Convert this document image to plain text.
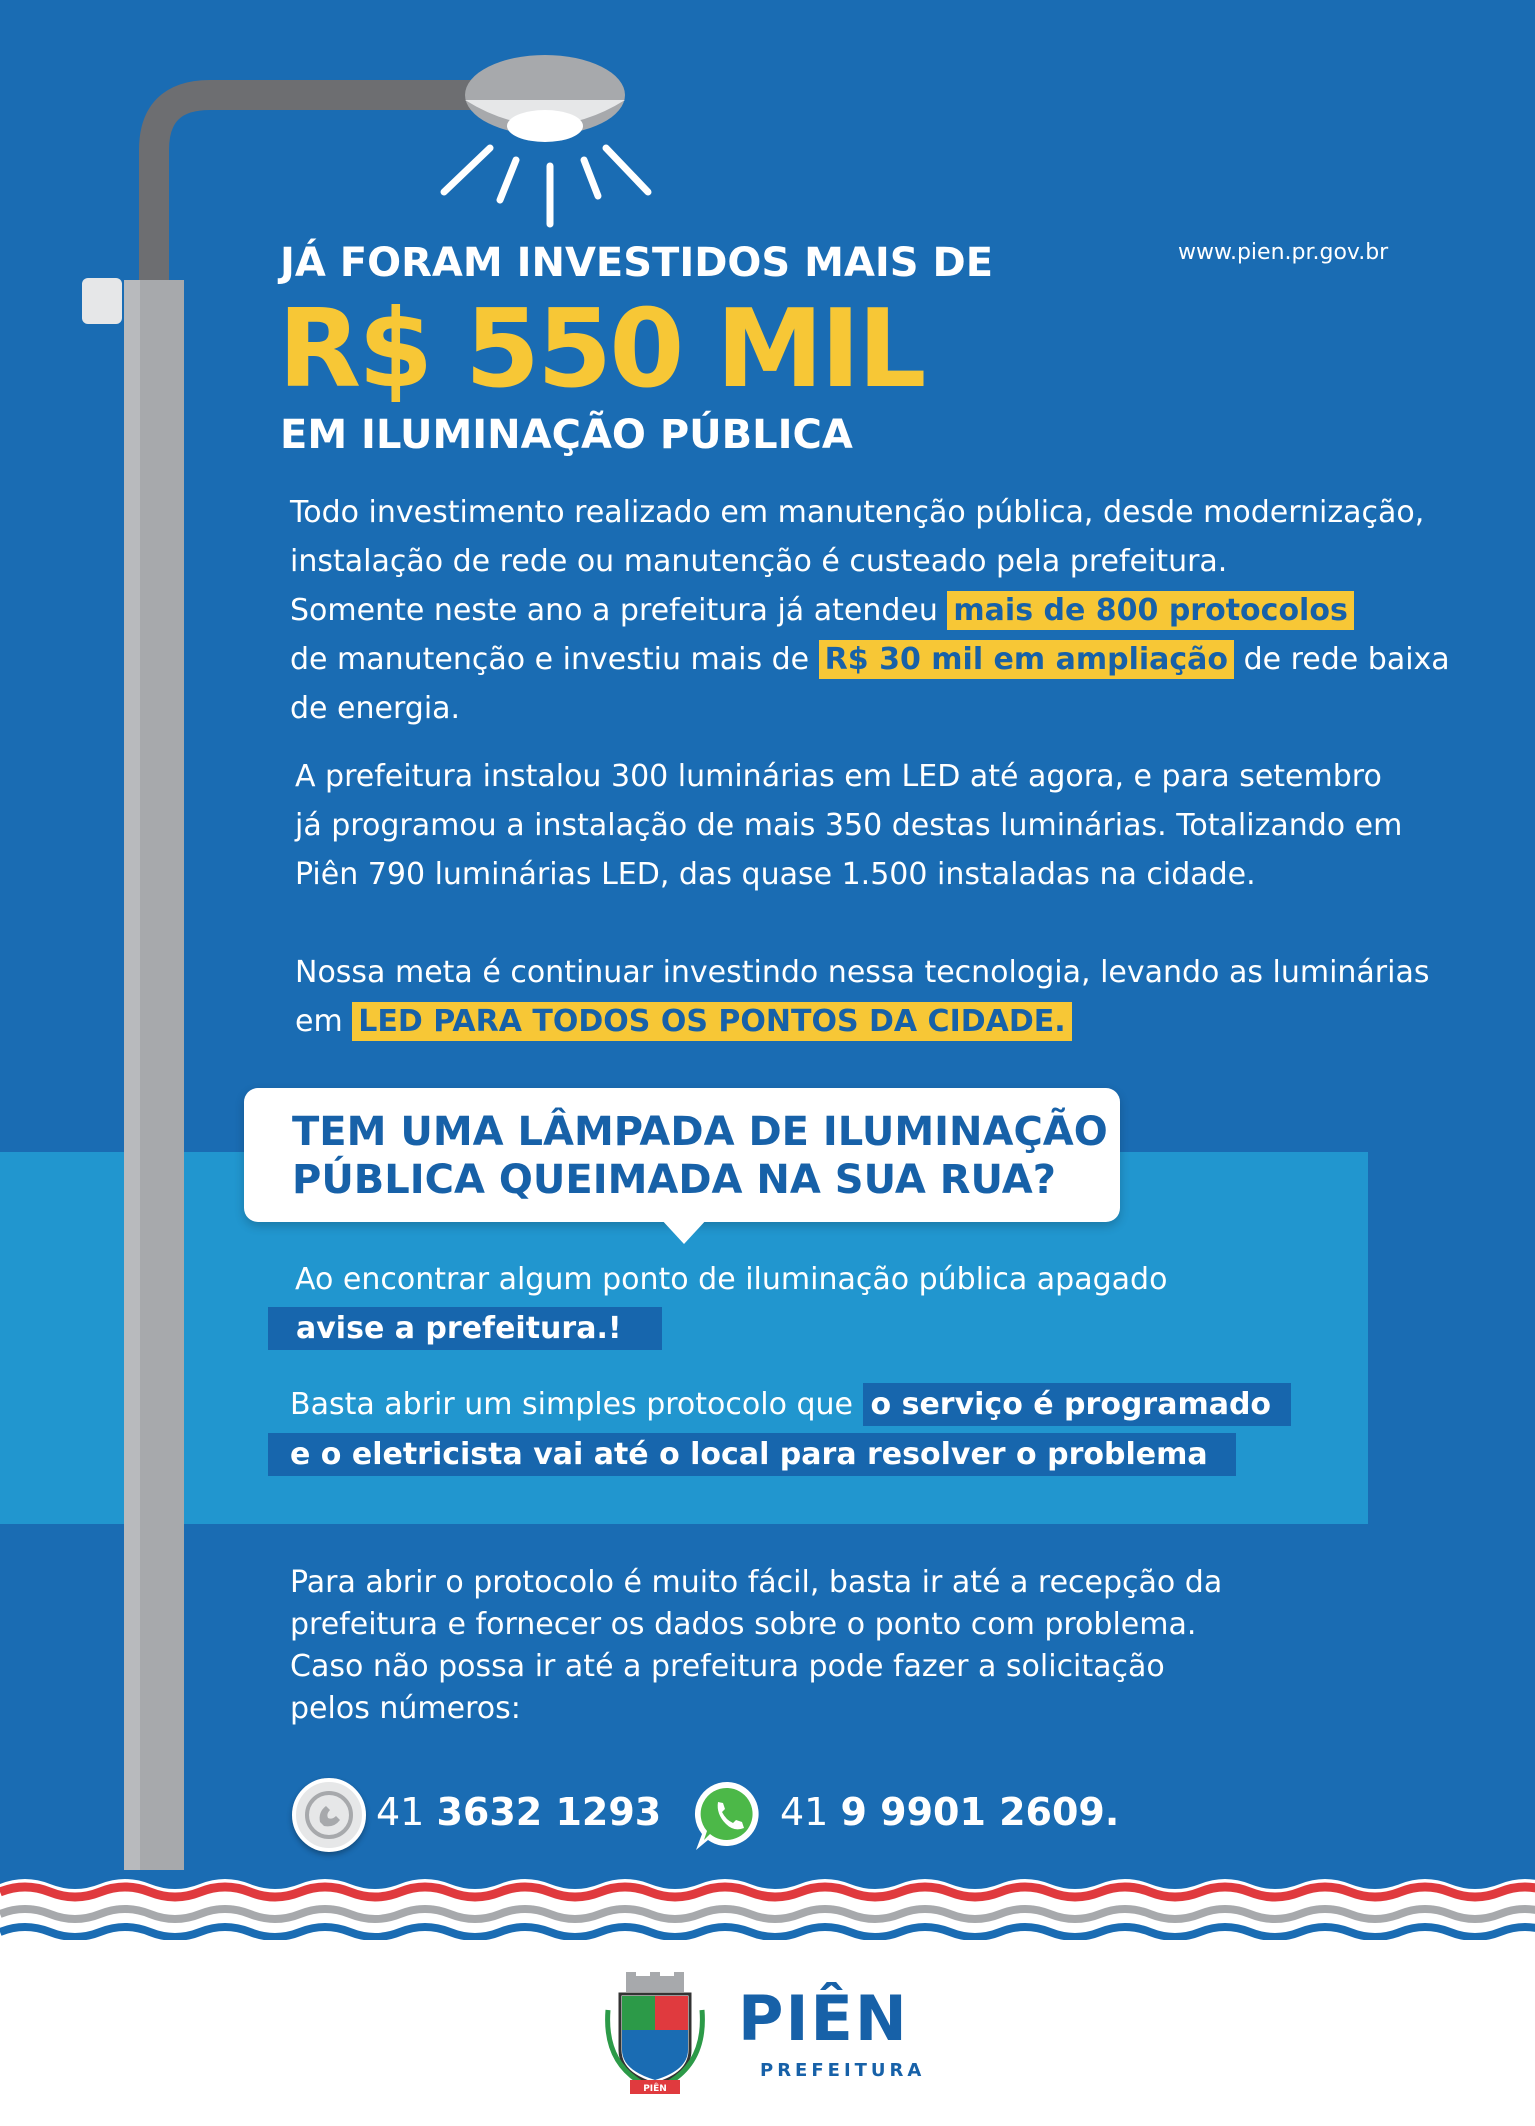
JÁ FORAM INVESTIDOS MAIS DE
R$ 550 MIL
EM ILUMINAÇÃO PÚBLICA
www.pien.pr.gov.br
Todo investimento realizado em manutenção pública, desde modernização,
instalação de rede ou manutenção é custeado pela prefeitura.
Somente neste ano a prefeitura já atendeu mais de 800 protocolos
de manutenção e investiu mais de R$ 30 mil em ampliação de rede baixa
de energia.
A prefeitura instalou 300 luminárias em LED até agora, e para setembro
já programou a instalação de mais 350 destas luminárias. Totalizando em
Piên 790 luminárias LED, das quase 1.500 instaladas na cidade.
Nossa meta é continuar investindo nessa tecnologia, levando as luminárias
em LED PARA TODOS OS PONTOS DA CIDADE.
TEM UMA LÂMPADA DE ILUMINAÇÃO
PÚBLICA QUEIMADA NA SUA RUA?
Ao encontrar algum ponto de iluminação pública apagado
avise a prefeitura.!
Basta abrir um simples protocolo que o serviço é programado
e o eletricista vai até o local para resolver o problema
Para abrir o protocolo é muito fácil, basta ir até a recepção da
prefeitura e fornecer os dados sobre o ponto com problema.
Caso não possa ir até a prefeitura pode fazer a solicitação
pelos números:
41 3632 1293	41 9 9901 2609.
PIÊN
PIÊN
PREFEITURA
